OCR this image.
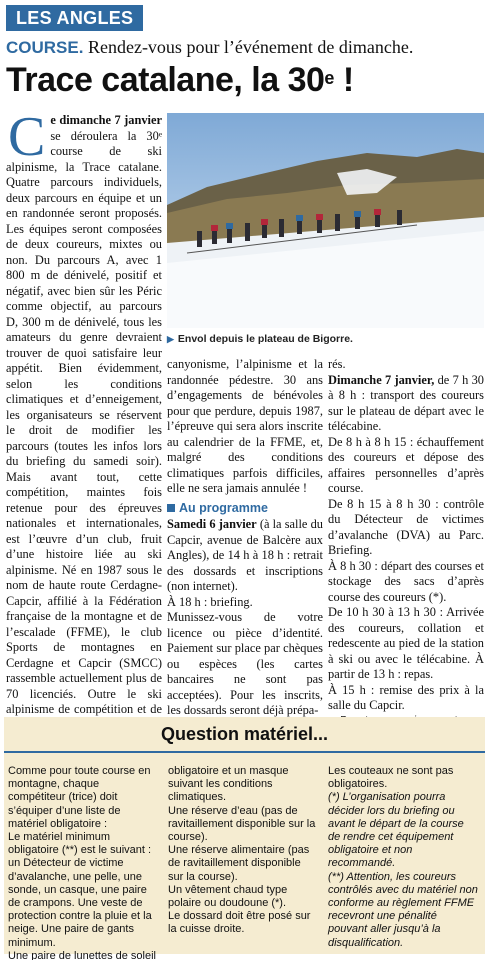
LES ANGLES
COURSE. Rendez-vous pour l’événement de dimanche.
Trace catalane, la 30e !

Ce dimanche 7 janvier se déroulera la 30ᵉ course de ski alpinisme, la Trace catalane. Quatre parcours individuels, deux parcours en équipe et un en randonnée seront proposés. Les équipes seront composées de deux coureurs, mixtes ou non. Du parcours A, avec 1 800 m de dénivelé, positif et négatif, avec bien sûr les Péric comme objectif, au parcours D, 300 m de dénivelé, tous les amateurs du genre devraient trouver de quoi satisfaire leur appétit. Bien évidemment, selon les conditions climatiques et d’enneigement, les organisateurs se réservent le droit de modifier les parcours (toutes les infos lors du briefing du samedi soir). Mais avant tout, cette compétition, maintes fois retenue pour des épreuves nationales et internationales, est l’œuvre d’un club, fruit d’une histoire liée au ski alpinisme. Né en 1987 sous le nom de haute route Cerdagne-Capcir, affilié à la Fédération française de la montagne et de l’escalade (FFME), le club Sports de montagnes en Cerdagne et Capcir (SMCC) rassemble actuellement plus de 70 licenciés. Outre le ski alpinisme de compétition et de

▶ Envol depuis le plateau de Bigorre.

canyonisme, l’alpinisme et la randonnée pédestre. 30 ans d’engagements de bénévoles pour que perdure, depuis 1987, l’épreuve qui sera alors inscrite au calendrier de la FFME, et, malgré des conditions climatiques parfois difficiles, elle ne sera jamais annulée !

Au programme

Samedi 6 janvier (à la salle du Capcir, avenue de Balcère aux Angles), de 14 h à 18 h : retrait des dossards et inscriptions (non internet).

À 18 h : briefing.

Munissez-vous de votre licence ou pièce d’identité. Paiement sur place par chèques ou espèces (les cartes bancaires ne sont pas acceptées). Pour les inscrits, les dossards seront déjà prépa-

rés.

Dimanche 7 janvier, de 7 h 30 à 8 h : transport des coureurs sur le plateau de départ avec le télécabine.

De 8 h à 8 h 15 : échauffement des coureurs et dépose des affaires personnelles d’après course.

De 8 h 15 à 8 h 30 : contrôle du Détecteur de victimes d’avalanche (DVA) au Parc. Briefing.

À 8 h 30 : départ des courses et stockage des sacs d’après course des coureurs (*).

De 10 h 30 à 13 h 30 : Arrivée des coureurs, collation et redescente au pied de la station à ski ou avec le télécabine. À partir de 13 h : repas.

À 15 h : remise des prix à la salle du Capcir.

Question matériel...

Comme pour toute course en montagne, chaque compétiteur (trice) doit s’équiper d’une liste de matériel obligatoire :

Le matériel minimum obligatoire (**) est le suivant : un Détecteur de victime d’avalanche, une pelle, une sonde, un casque, une paire de crampons. Une veste de protection contre la pluie et la neige. Une paire de gants minimum.

Une paire de lunettes de soleil

obligatoire et un masque suivant les conditions climatiques.

Une réserve d’eau (pas de ravitaillement disponible sur la course).

Une réserve alimentaire (pas de ravitaillement disponible sur la course).

Un vêtement chaud type polaire ou doudoune (*).

Le dossard doit être posé sur la cuisse droite.

Les couteaux ne sont pas obligatoires.

(*) L’organisation pourra décider lors du briefing ou avant le départ de la course de rendre cet équipement obligatoire et non recommandé.

(**) Attention, les coureurs contrôlés avec du matériel non conforme au règlement FFME recevront une pénalité pouvant aller jusqu’à la disqualification.
